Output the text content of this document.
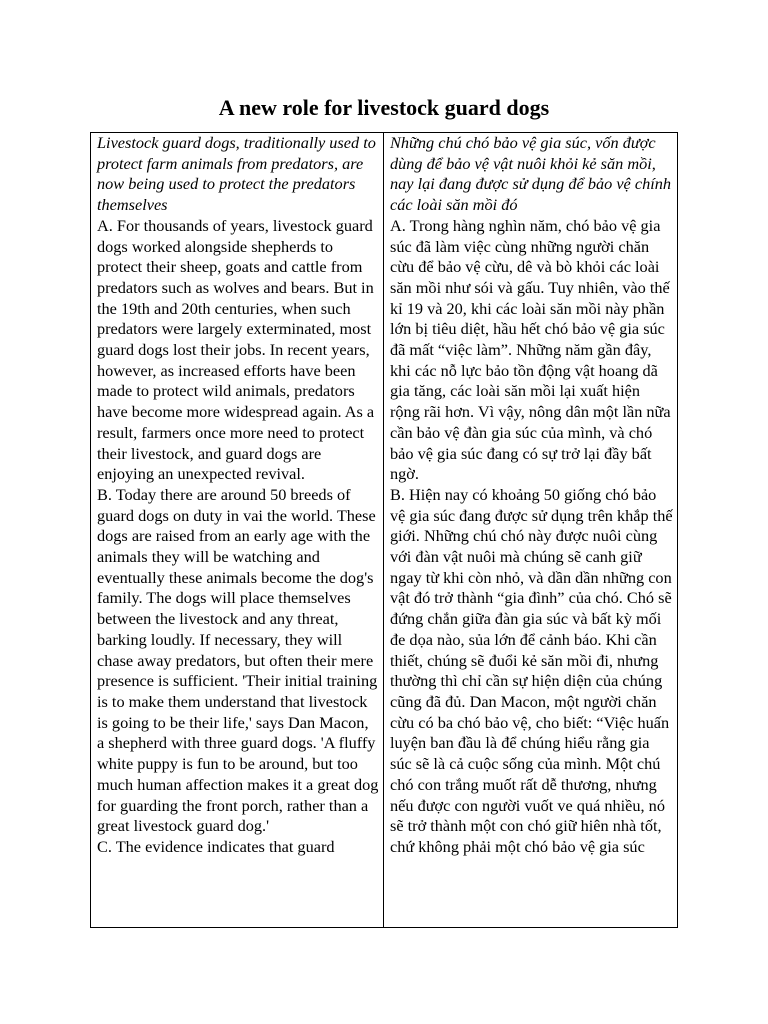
A new role for livestock guard dogs

Livestock guard dogs, traditionally used to protect farm animals from predators, are now being used to protect the predators themselves

A. For thousands of years, livestock guard dogs worked alongside shepherds to protect their sheep, goats and cattle from predators such as wolves and bears. But in the 19th and 20th centuries, when such predators were largely exterminated, most guard dogs lost their jobs. In recent years, however, as increased efforts have been made to protect wild animals, predators have become more widespread again. As a result, farmers once more need to protect their livestock, and guard dogs are enjoying an unexpected revival.

B. Today there are around 50 breeds of guard dogs on duty in vai the world. These dogs are raised from an early age with the animals they will be watching and eventually these animals become the dog's family. The dogs will place themselves between the livestock and any threat, barking loudly. If necessary, they will chase away predators, but often their mere presence is sufficient. 'Their initial training is to make them understand that livestock is going to be their life,' says Dan Macon, a shepherd with three guard dogs. 'A fluffy white puppy is fun to be around, but too much human affection makes it a great dog for guarding the front porch, rather than a great livestock guard dog.'

C. The evidence indicates that guard

Những chú chó bảo vệ gia súc, vốn được dùng để bảo vệ vật nuôi khỏi kẻ săn mồi, nay lại đang được sử dụng để bảo vệ chính các loài săn mồi đó

A. Trong hàng nghìn năm, chó bảo vệ gia súc đã làm việc cùng những người chăn cừu để bảo vệ cừu, dê và bò khỏi các loài săn mồi như sói và gấu. Tuy nhiên, vào thế kỉ 19 và 20, khi các loài săn mồi này phần lớn bị tiêu diệt, hầu hết chó bảo vệ gia súc đã mất “việc làm”. Những năm gần đây, khi các nỗ lực bảo tồn động vật hoang dã gia tăng, các loài săn mồi lại xuất hiện rộng rãi hơn. Vì vậy, nông dân một lần nữa cần bảo vệ đàn gia súc của mình, và chó bảo vệ gia súc đang có sự trở lại đầy bất ngờ.

B. Hiện nay có khoảng 50 giống chó bảo vệ gia súc đang được sử dụng trên khắp thế giới. Những chú chó này được nuôi cùng với đàn vật nuôi mà chúng sẽ canh giữ ngay từ khi còn nhỏ, và dần dần những con vật đó trở thành “gia đình” của chó. Chó sẽ đứng chắn giữa đàn gia súc và bất kỳ mối đe dọa nào, sủa lớn để cảnh báo. Khi cần thiết, chúng sẽ đuổi kẻ săn mồi đi, nhưng thường thì chỉ cần sự hiện diện của chúng cũng đã đủ. Dan Macon, một người chăn cừu có ba chó bảo vệ, cho biết: “Việc huấn luyện ban đầu là để chúng hiểu rằng gia súc sẽ là cả cuộc sống của mình. Một chú chó con trắng muốt rất dễ thương, nhưng nếu được con người vuốt ve quá nhiều, nó sẽ trở thành một con chó giữ hiên nhà tốt, chứ không phải một chó bảo vệ gia súc
